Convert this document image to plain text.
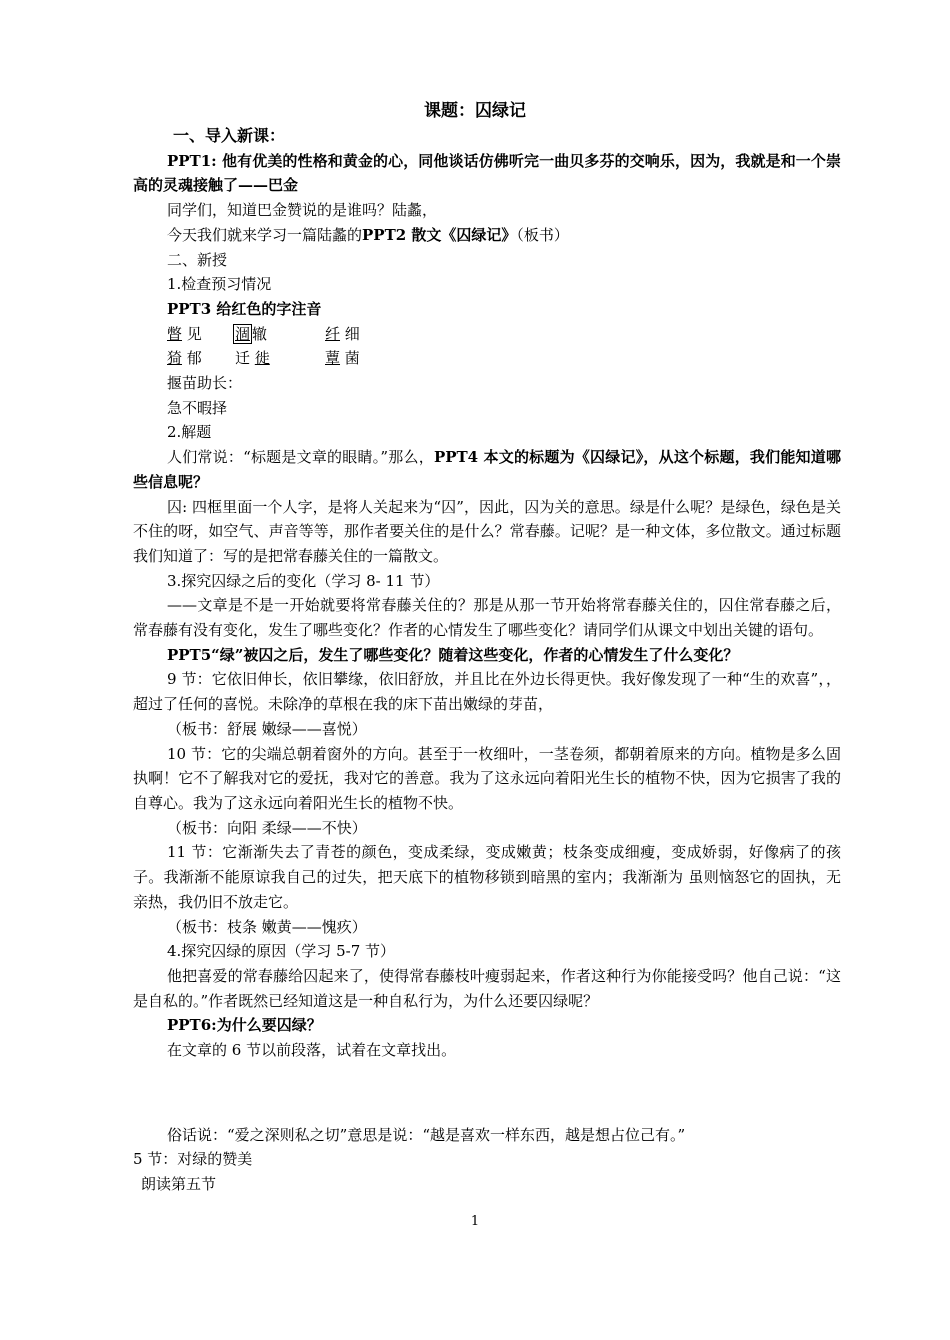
课题：囚绿记

一、导入新课：

PPT1: 他有优美的性格和黄金的心，同他谈话仿佛听完一曲贝多芬的交响乐，因为，我就是和一个崇高的灵魂接触了——巴金

同学们，知道巴金赞说的是谁吗？陆蠡，

今天我们就来学习一篇陆蠡的PPT2 散文《囚绿记》（板书）

二、新授

1.检查预习情况

PPT3 给红色的字注音

暼 见	涸 辙	纤 细
猗 郁	迁 徙	蕈 菌

揠苗助长：

急不暇择

2.解题

人们常说：“标题是文章的眼睛。”那么，PPT4 本文的标题为《囚绿记》，从这个标题，我们能知道哪些信息呢？

囚: 四框里面一个人字，是将人关起来为“囚”，因此，囚为关的意思。绿是什么呢？是绿色，绿色是关不住的呀，如空气、声音等等，那作者要关住的是什么？常春藤。记呢？是一种文体，多位散文。通过标题我们知道了：写的是把常春藤关住的一篇散文。

3.探究囚绿之后的变化（学习 8- 11 节）

——文章是不是一开始就要将常春藤关住的？那是从那一节开始将常春藤关住的，囚住常春藤之后，常春藤有没有变化，发生了哪些变化？作者的心情发生了哪些变化？请同学们从课文中划出关键的语句。

PPT5“绿”被囚之后，发生了哪些变化？随着这些变化，作者的心情发生了什么变化？

9 节：它依旧伸长，依旧攀缘，依旧舒放，并且比在外边长得更快。我好像发现了一种“生的欢喜”，，超过了任何的喜悦。未除净的草根在我的床下苗出嫩绿的芽苗，

（板书：舒展 嫩绿——喜悦）

10 节：它的尖端总朝着窗外的方向。甚至于一枚细叶，一茎卷须，都朝着原来的方向。植物是多么固执啊！它不了解我对它的爱抚，我对它的善意。我为了这永远向着阳光生长的植物不快，因为它损害了我的自尊心。我为了这永远向着阳光生长的植物不快。

（板书：向阳 柔绿——不快）

11 节：它渐渐失去了青苍的颜色，变成柔绿，变成嫩黄；枝条变成细瘦，变成娇弱，好像病了的孩子。我渐渐不能原谅我自己的过失，把天底下的植物移锁到暗黑的室内；我渐渐为 虽则恼怒它的固执，无亲热，我仍旧不放走它。

（板书：枝条 嫩黄——愧疚）

4.探究囚绿的原因（学习 5-7 节）

他把喜爱的常春藤给囚起来了，使得常春藤枝叶瘦弱起来，作者这种行为你能接受吗？他自己说：“这是自私的。”作者既然已经知道这是一种自私行为，为什么还要囚绿呢？

PPT6:为什么要囚绿？

在文章的 6 节以前段落，试着在文章找出。

俗话说：“爱之深则私之切”意思是说：“越是喜欢一样东西，越是想占位己有。”

5 节：对绿的赞美

朗读第五节

1
